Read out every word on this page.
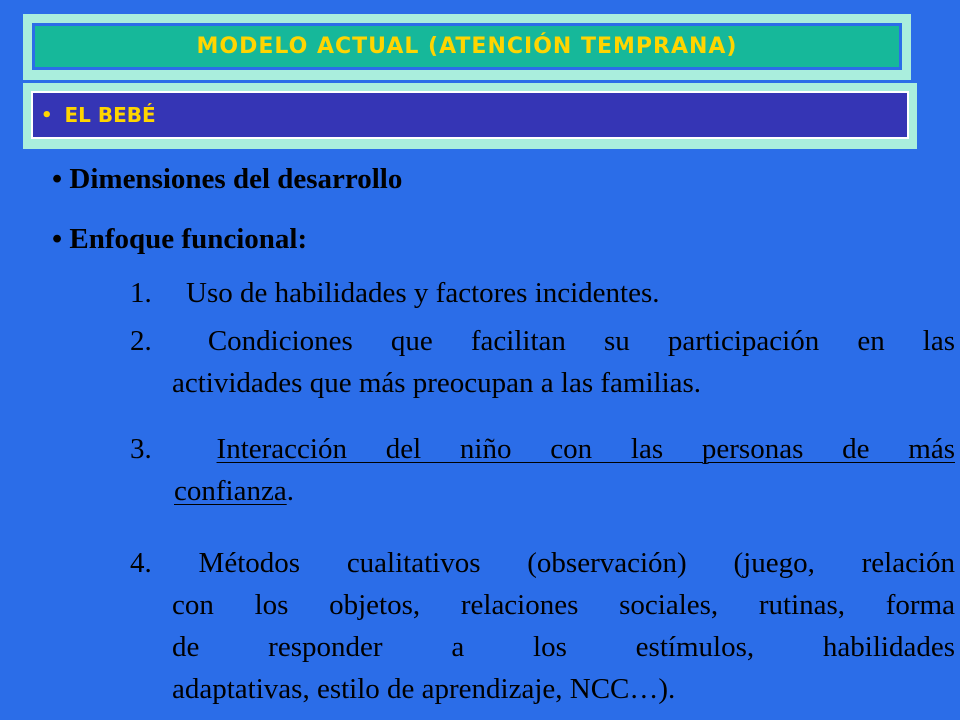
MODELO ACTUAL (ATENCIÓN TEMPRANA)
• EL BEBÉ

• Dimensiones del desarrollo

• Enfoque funcional:

1. Uso de habilidades y factores incidentes.

2. Condiciones que facilitan su participación en las
actividades que más preocupan a las familias.
3. Interacción del niño con las personas de más
confianza.
4. Métodos cualitativos (observación) (juego, relación
con los objetos, relaciones sociales, rutinas, forma
de responder a los estímulos, habilidades
adaptativas, estilo de aprendizaje, NCC…).
